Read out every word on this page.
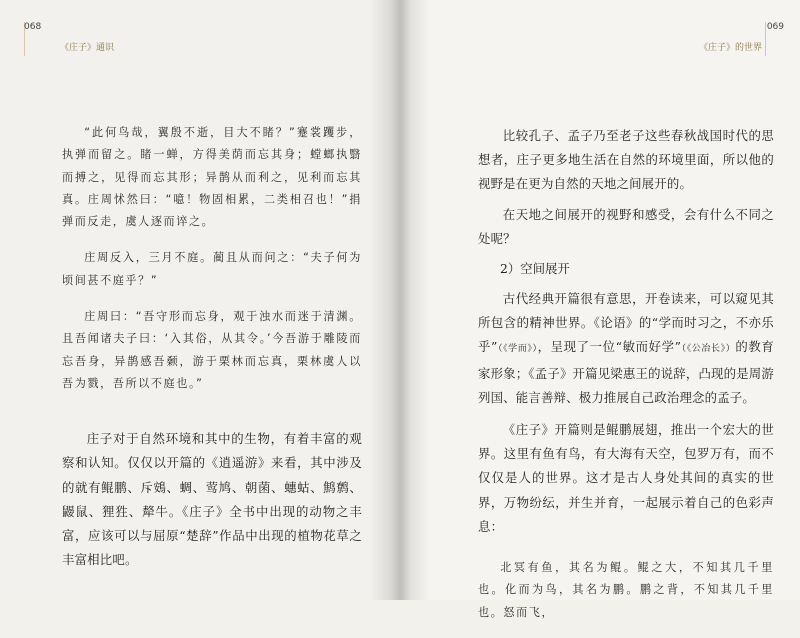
068
《庄子》通识

“此何鸟哉，翼殷不逝，目大不睹？”蹇裳躩步，执弹而留之。睹一蝉，方得美荫而忘其身；螳螂执翳而搏之，见得而忘其形；异鹊从而利之，见利而忘其真。庄周怵然曰：“噫！物固相累，二类相召也！”捐弹而反走，虞人逐而谇之。

庄周反入，三月不庭。蔺且从而问之：“夫子何为顷间甚不庭乎？”

庄周曰：“吾守形而忘身，观于浊水而迷于清渊。且吾闻诸夫子曰：‘入其俗，从其令。’今吾游于雕陵而忘吾身，异鹊感吾颡，游于栗林而忘真，栗林虞人以吾为戮，吾所以不庭也。”

庄子对于自然环境和其中的生物，有着丰富的观察和认知。仅仅以开篇的《逍遥游》来看，其中涉及的就有鲲鹏、斥鴳、蜩、莺鸠、朝菌、蟪蛄、鹪鹩、鼹鼠、狸狌、犛牛。《庄子》全书中出现的动物之丰富，应该可以与屈原“楚辞”作品中出现的植物花草之丰富相比吧。

069
《庄子》的世界

比较孔子、孟子乃至老子这些春秋战国时代的思想者，庄子更多地生活在自然的环境里面，所以他的视野是在更为自然的天地之间展开的。

在天地之间展开的视野和感受，会有什么不同之处呢？

2）空间展开

古代经典开篇很有意思，开卷读来，可以窥见其所包含的精神世界。《论语》的“学而时习之，不亦乐乎”（《学而》），呈现了一位“敏而好学”（《公冶长》）的教育家形象；《孟子》开篇见梁惠王的说辞，凸现的是周游列国、能言善辩、极力推展自己政治理念的孟子。

《庄子》开篇则是鲲鹏展翅，推出一个宏大的世界。这里有鱼有鸟，有大海有天空，包罗万有，而不仅仅是人的世界。这才是古人身处其间的真实的世界，万物纷纭，并生并育，一起展示着自己的色彩声息：

北冥有鱼，其名为鲲。鲲之大，不知其几千里也。化而为鸟，其名为鹏。鹏之背，不知其几千里也。怒而飞，
